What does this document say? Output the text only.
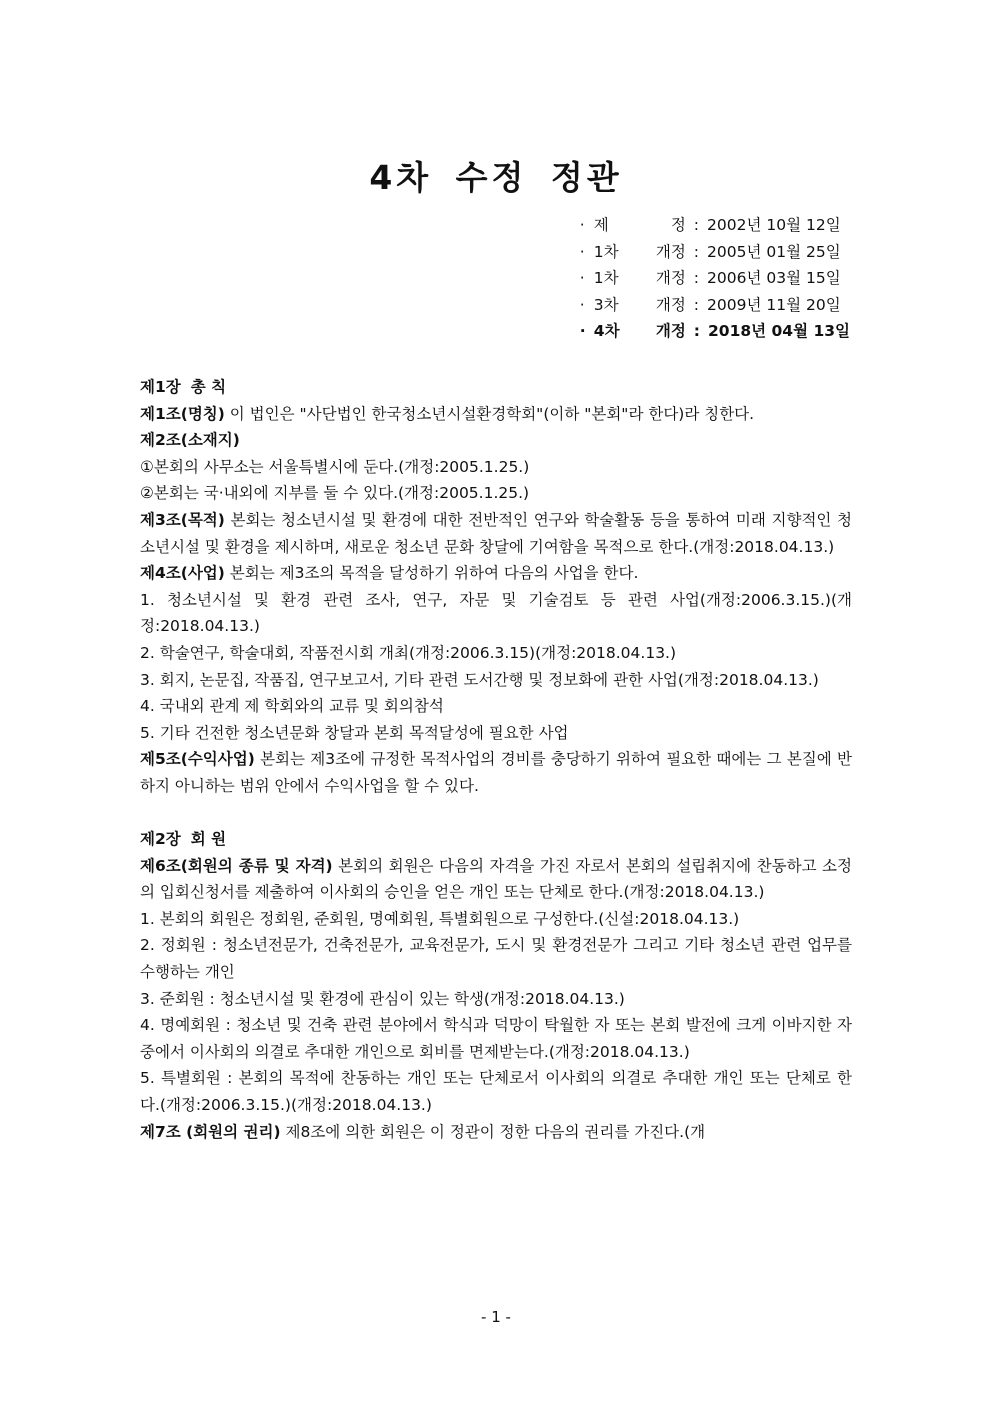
4차 수정 정관
· 제 정 : 2002년 10월 12일
· 1차 개정 : 2005년 01월 25일
· 1차 개정 : 2006년 03월 15일
· 3차 개정 : 2009년 11월 20일
· 4차 개정 : 2018년 04월 13일

제1장 총 칙

제1조(명칭) 이 법인은 "사단법인 한국청소년시설환경학회"(이하 "본회"라 한다)라 칭한다.

제2조(소재지)

①본회의 사무소는 서울특별시에 둔다.(개정:2005.1.25.)

②본회는 국·내외에 지부를 둘 수 있다.(개정:2005.1.25.)

제3조(목적) 본회는 청소년시설 및 환경에 대한 전반적인 연구와 학술활동 등을 통하여 미래 지향적인 청소년시설 및 환경을 제시하며, 새로운 청소년 문화 창달에 기여함을 목적으로 한다.(개정:2018.04.13.)

제4조(사업) 본회는 제3조의 목적을 달성하기 위하여 다음의 사업을 한다.

1. 청소년시설 및 환경 관련 조사, 연구, 자문 및 기술검토 등 관련 사업(개정:2006.3.15.)(개정:2018.04.13.)

2. 학술연구, 학술대회, 작품전시회 개최(개정:2006.3.15)(개정:2018.04.13.)

3. 회지, 논문집, 작품집, 연구보고서, 기타 관련 도서간행 및 정보화에 관한 사업(개정:2018.04.13.)

4. 국내외 관계 제 학회와의 교류 및 회의참석

5. 기타 건전한 청소년문화 창달과 본회 목적달성에 필요한 사업

제5조(수익사업) 본회는 제3조에 규정한 목적사업의 경비를 충당하기 위하여 필요한 때에는 그 본질에 반하지 아니하는 범위 안에서 수익사업을 할 수 있다.

제2장 회 원

제6조(회원의 종류 및 자격) 본회의 회원은 다음의 자격을 가진 자로서 본회의 설립취지에 찬동하고 소정의 입회신청서를 제출하여 이사회의 승인을 얻은 개인 또는 단체로 한다.(개정:2018.04.13.)

1. 본회의 회원은 정회원, 준회원, 명예회원, 특별회원으로 구성한다.(신설:2018.04.13.)

2. 정회원 : 청소년전문가, 건축전문가, 교육전문가, 도시 및 환경전문가 그리고 기타 청소년 관련 업무를 수행하는 개인

3. 준회원 : 청소년시설 및 환경에 관심이 있는 학생(개정:2018.04.13.)

4. 명예회원 : 청소년 및 건축 관련 분야에서 학식과 덕망이 탁월한 자 또는 본회 발전에 크게 이바지한 자 중에서 이사회의 의결로 추대한 개인으로 회비를 면제받는다.(개정:2018.04.13.)

5. 특별회원 : 본회의 목적에 찬동하는 개인 또는 단체로서 이사회의 의결로 추대한 개인 또는 단체로 한다.(개정:2006.3.15.)(개정:2018.04.13.)

제7조 (회원의 권리) 제8조에 의한 회원은 이 정관이 정한 다음의 권리를 가진다.(개

- 1 -
